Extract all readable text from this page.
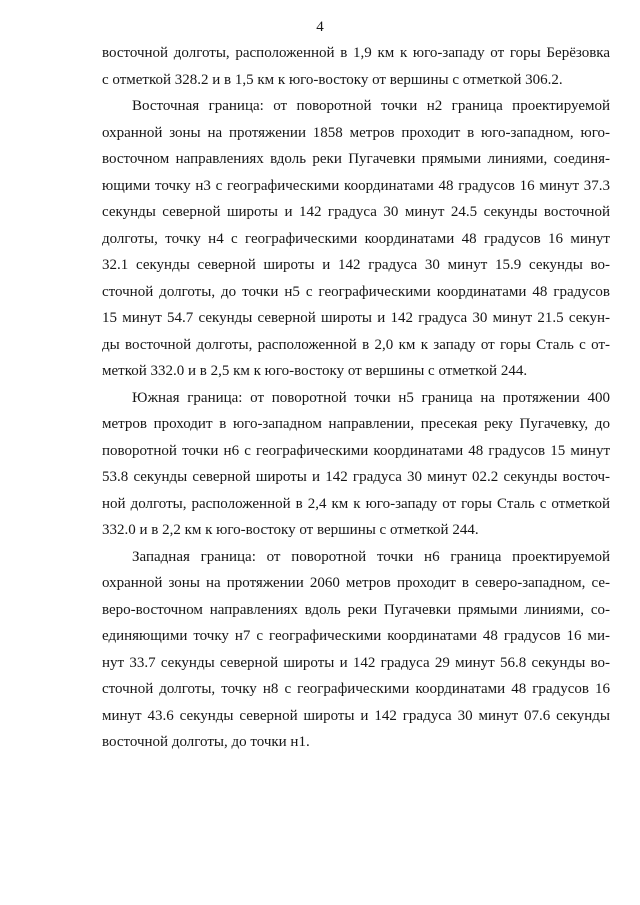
4
восточной долготы, расположенной в 1,9 км к юго-западу от горы Берёзовка
с отметкой 328.2 и в 1,5 км к юго-востоку от вершины с отметкой 306.2.
Восточная граница: от поворотной точки н2 граница проектируемой
охранной зоны на протяжении 1858 метров проходит в юго-западном, юго-
восточном направлениях вдоль реки Пугачевки прямыми линиями, соединя-
ющими точку н3 с географическими координатами 48 градусов 16 минут 37.3
секунды северной широты и 142 градуса 30 минут 24.5 секунды восточной
долготы, точку н4 с географическими координатами 48 градусов 16 минут
32.1 секунды северной широты и 142 градуса 30 минут 15.9 секунды во-
сточной долготы, до точки н5 с географическими координатами 48 градусов
15 минут 54.7 секунды северной широты и 142 градуса 30 минут 21.5 секун-
ды восточной долготы, расположенной в 2,0 км к западу от горы Сталь с от-
меткой 332.0 и в 2,5 км к юго-востоку от вершины с отметкой 244.
Южная граница: от поворотной точки н5 граница на протяжении 400
метров проходит в юго-западном направлении, пресекая реку Пугачевку, до
поворотной точки н6 с географическими координатами 48 градусов 15 минут
53.8 секунды северной широты и 142 градуса 30 минут 02.2 секунды восточ-
ной долготы, расположенной в 2,4 км к юго-западу от горы Сталь с отметкой
332.0 и в 2,2 км к юго-востоку от вершины с отметкой 244.
Западная граница: от поворотной точки н6 граница проектируемой
охранной зоны на протяжении 2060 метров проходит в северо-западном, се-
веро-восточном направлениях вдоль реки Пугачевки прямыми линиями, со-
единяющими точку н7 с географическими координатами 48 градусов 16 ми-
нут 33.7 секунды северной широты и 142 градуса 29 минут 56.8 секунды во-
сточной долготы, точку н8 с географическими координатами 48 градусов 16
минут 43.6 секунды северной широты и 142 градуса 30 минут 07.6 секунды
восточной долготы, до точки н1.
